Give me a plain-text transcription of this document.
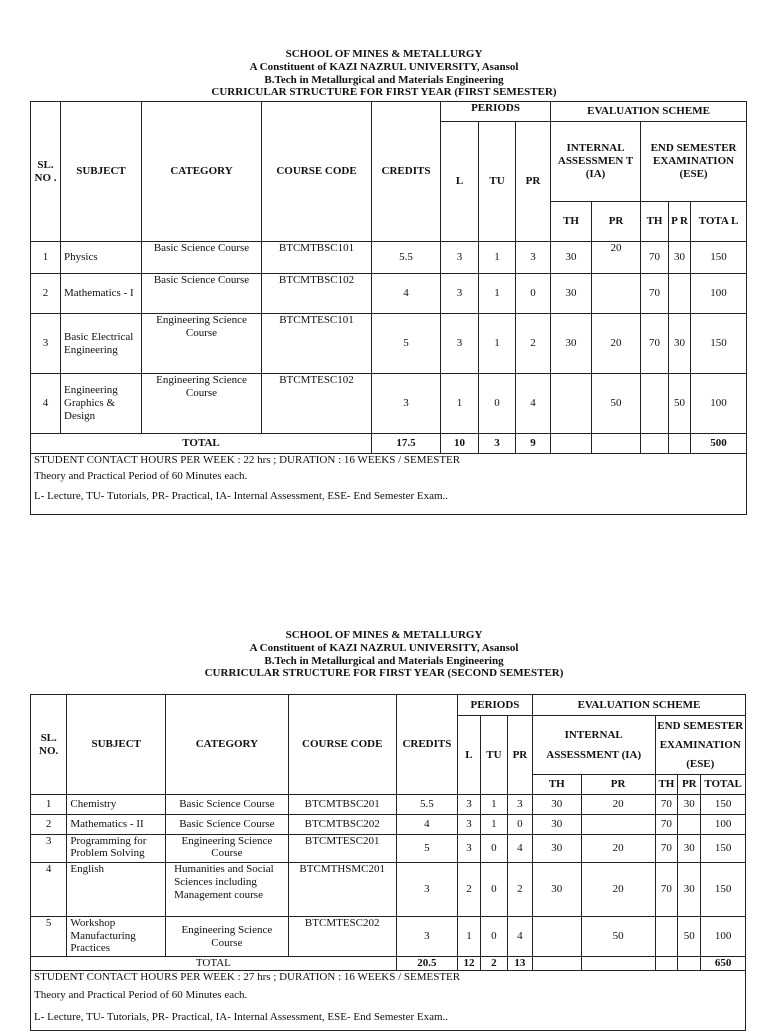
SCHOOL OF MINES & METALLURGY
A Constituent of KAZI NAZRUL UNIVERSITY, Asansol
B.Tech in Metallurgical and Materials Engineering
CURRICULAR STRUCTURE FOR FIRST YEAR (FIRST SEMESTER)
SL. NO .	SUBJECT	CATEGORY	COURSE CODE	CREDITS	PERIODS			EVALUATION SCHEME				
					L	TU	PR	INTERNAL ASSESSMEN T (IA)		END SEMESTER EXAMINATION (ESE)		
								TH	PR	TH	P R	TOTA L
1	Physics	Basic Science Course	BTCMTBSC101	5.5	3	1	3	30	20	70	30	150
2	Mathematics - I	Basic Science Course	BTCMTBSC102	4	3	1	0	30		70		100
3	Basic Electrical Engineering	Engineering Science Course	BTCMTESC101	5	3	1	2	30	20	70	30	150
4	Engineering Graphics & Design	Engineering Science Course	BTCMTESC102	3	1	0	4		50		50	100
TOTAL				17.5	10	3	9					500

STUDENT CONTACT HOURS PER WEEK : 22 hrs ; DURATION : 16 WEEKS / SEMESTER
Theory and Practical Period of 60 Minutes each.
L- Lecture, TU- Tutorials, PR- Practical, IA- Internal Assessment, ESE- End Semester Exam..												
SCHOOL OF MINES & METALLURGY
A Constituent of KAZI NAZRUL UNIVERSITY, Asansol
B.Tech in Metallurgical and Materials Engineering
CURRICULAR STRUCTURE FOR FIRST YEAR (SECOND SEMESTER)
SL. NO.	SUBJECT	CATEGORY	COURSE CODE	CREDITS	PERIODS			EVALUATION SCHEME				
					L	TU	PR	INTERNAL ASSESSMENT (IA)		END SEMESTER EXAMINATION (ESE)		
								TH	PR	TH	PR	TOTAL
1	Chemistry	Basic Science Course	BTCMTBSC201	5.5	3	1	3	30	20	70	30	150
2	Mathematics - II	Basic Science Course	BTCMTBSC202	4	3	1	0	30		70		100
3	Programming for Problem Solving	Engineering Science Course	BTCMTESC201	5	3	0	4	30	20	70	30	150
4	English	Humanities and Social Sciences including Management course	BTCMTHSMC201	3	2	0	2	30	20	70	30	150
5	Workshop Manufacturing Practices	Engineering Science Course	BTCMTESC202	3	1	0	4		50		50	100
TOTAL				20.5	12	2	13					650

STUDENT CONTACT HOURS PER WEEK : 27 hrs ; DURATION : 16 WEEKS / SEMESTER
Theory and Practical Period of 60 Minutes each.
L- Lecture, TU- Tutorials, PR- Practical, IA- Internal Assessment, ESE- End Semester Exam..												
